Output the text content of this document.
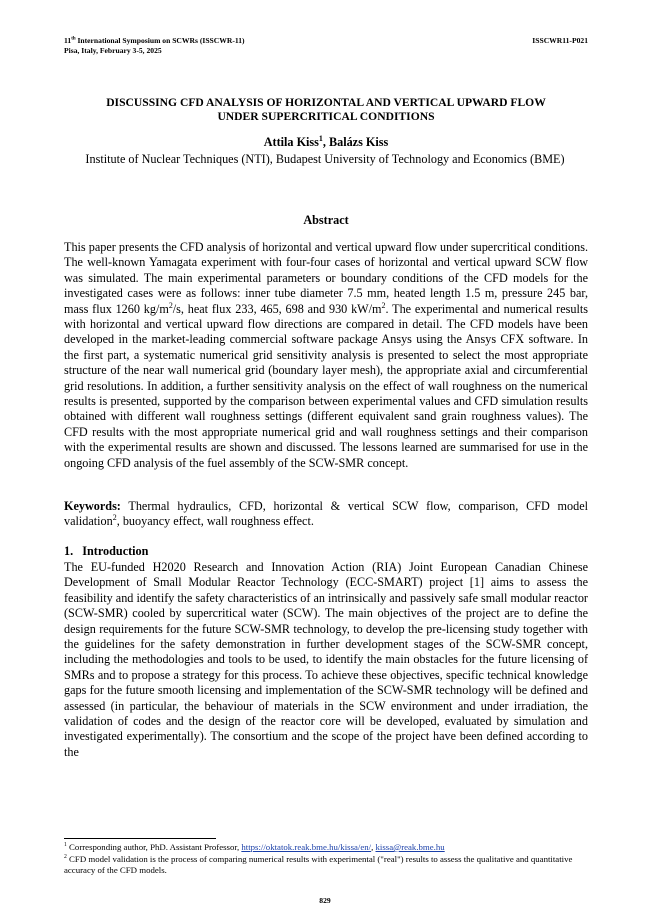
11th International Symposium on SCWRs (ISSCWR-11)
Pisa, Italy, February 3-5, 2025
ISSCWR11-P021
DISCUSSING CFD ANALYSIS OF HORIZONTAL AND VERTICAL UPWARD FLOW
UNDER SUPERCRITICAL CONDITIONS
Attila Kiss$^1$, Balázs Kiss
Institute of Nuclear Techniques (NTI), Budapest University of Technology and Economics (BME)
Abstract

This paper presents the CFD analysis of horizontal and vertical upward flow under supercritical conditions. The well-known Yamagata experiment with four-four cases of horizontal and vertical upward SCW flow was simulated. The main experimental parameters or boundary conditions of the CFD models for the investigated cases were as follows: inner tube diameter 7.5 mm, heated length 1.5 m, pressure 245 bar, mass flux 1260 $kg/m^2/s$, heat flux 233, 465, 698 and 930 $kW/m^2$. The experimental and numerical results with horizontal and vertical upward flow directions are compared in detail. The CFD models have been developed in the market-leading commercial software package Ansys using the Ansys CFX software. In the first part, a systematic numerical grid sensitivity analysis is presented to select the most appropriate structure of the near wall numerical grid (boundary layer mesh), the appropriate axial and circumferential grid resolutions. In addition, a further sensitivity analysis on the effect of wall roughness on the numerical results is presented, supported by the comparison between experimental values and CFD simulation results obtained with different wall roughness settings (different equivalent sand grain roughness values). The CFD results with the most appropriate numerical grid and wall roughness settings and their comparison with the experimental results are shown and discussed. The lessons learned are summarised for use in the ongoing CFD analysis of the fuel assembly of the SCW-SMR concept.

Keywords: Thermal hydraulics, CFD, horizontal & vertical SCW flow, comparison, CFD model validation$^2$, buoyancy effect, wall roughness effect.

1.   Introduction

The EU-funded H2020 Research and Innovation Action (RIA) Joint European Canadian Chinese Development of Small Modular Reactor Technology (ECC-SMART) project [1] aims to assess the feasibility and identify the safety characteristics of an intrinsically and passively safe small modular reactor (SCW-SMR) cooled by supercritical water (SCW). The main objectives of the project are to define the design requirements for the future SCW-SMR technology, to develop the pre-licensing study together with the guidelines for the safety demonstration in further development stages of the SCW-SMR concept, including the methodologies and tools to be used, to identify the main obstacles for the future licensing of SMRs and to propose a strategy for this process. To achieve these objectives, specific technical knowledge gaps for the future smooth licensing and implementation of the SCW-SMR technology will be defined and assessed (in particular, the behaviour of materials in the SCW environment and under irradiation, the validation of codes and the design of the reactor core will be developed, evaluated by simulation and investigated experimentally). The consortium and the scope of the project have been defined according to the

$^1$ Corresponding author, PhD. Assistant Professor, https://oktatok.reak.bme.hu/kissa/en/, kissa@reak.bme.hu
$^2$ CFD model validation is the process of comparing numerical results with experimental ("real") results to assess the qualitative and quantitative accuracy of the CFD models.
829
